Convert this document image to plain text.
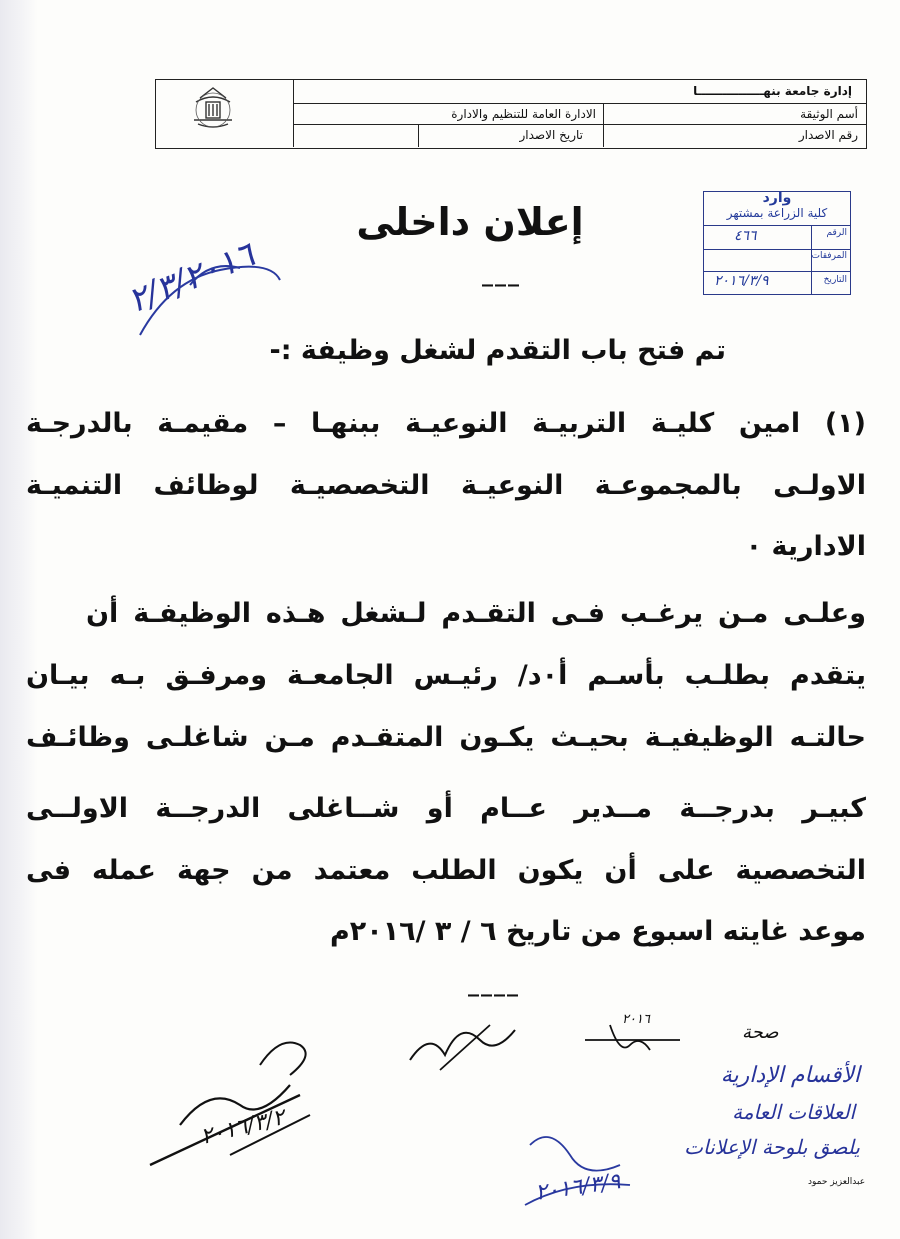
إدارة جامعة بنهــــــــــــــــا
أسم الوثيقة
رقم الاصدار
الادارة العامة للتنظيم والادارة
تاريخ الاصدار
وارد
كلية الزراعة بمشتهر
الرقم
٤٦٦
المرفقات
التاريخ
٢٠١٦/٣/٩
إعلان داخلى
___
٢/٣/٢٠١٦
تم فتح باب التقدم لشغل وظيفة :-
(١) امين كليـة التربيـة النوعيـة ببنهـا – مقيمـة بالدرجـة
الاولـى بالمجموعـة النوعيـة التخصصيـة لوظائف التنميـة
الادارية ٠
وعلـى مـن يرغـب فـى التقـدم لـشغل هـذه الوظيفـة أن
يتقدم بطلـب بأسـم أ٠د/ رئيـس الجامعـة ومرفـق بـه بيـان
حالتـه الوظيفيـة بحيـث يكـون المتقـدم مـن شاغلـى وظائـف
كبيـر بدرجــة مــدير عــام أو شــاغلى الدرجــة الاولــى
التخصصية على أن يكون الطلب معتمد من جهة عمله فى
موعد غايته اسبوع من تاريخ ٦ / ٣ /٢٠١٦م
____
٢٠١٦/٣/٢
٢٠١٦
صحة
الأقسام الإدارية
العلاقات العامة
يلصق بلوحة الإعلانات
٢٠١٦/٣/٩	عبدالعزيز حمود
